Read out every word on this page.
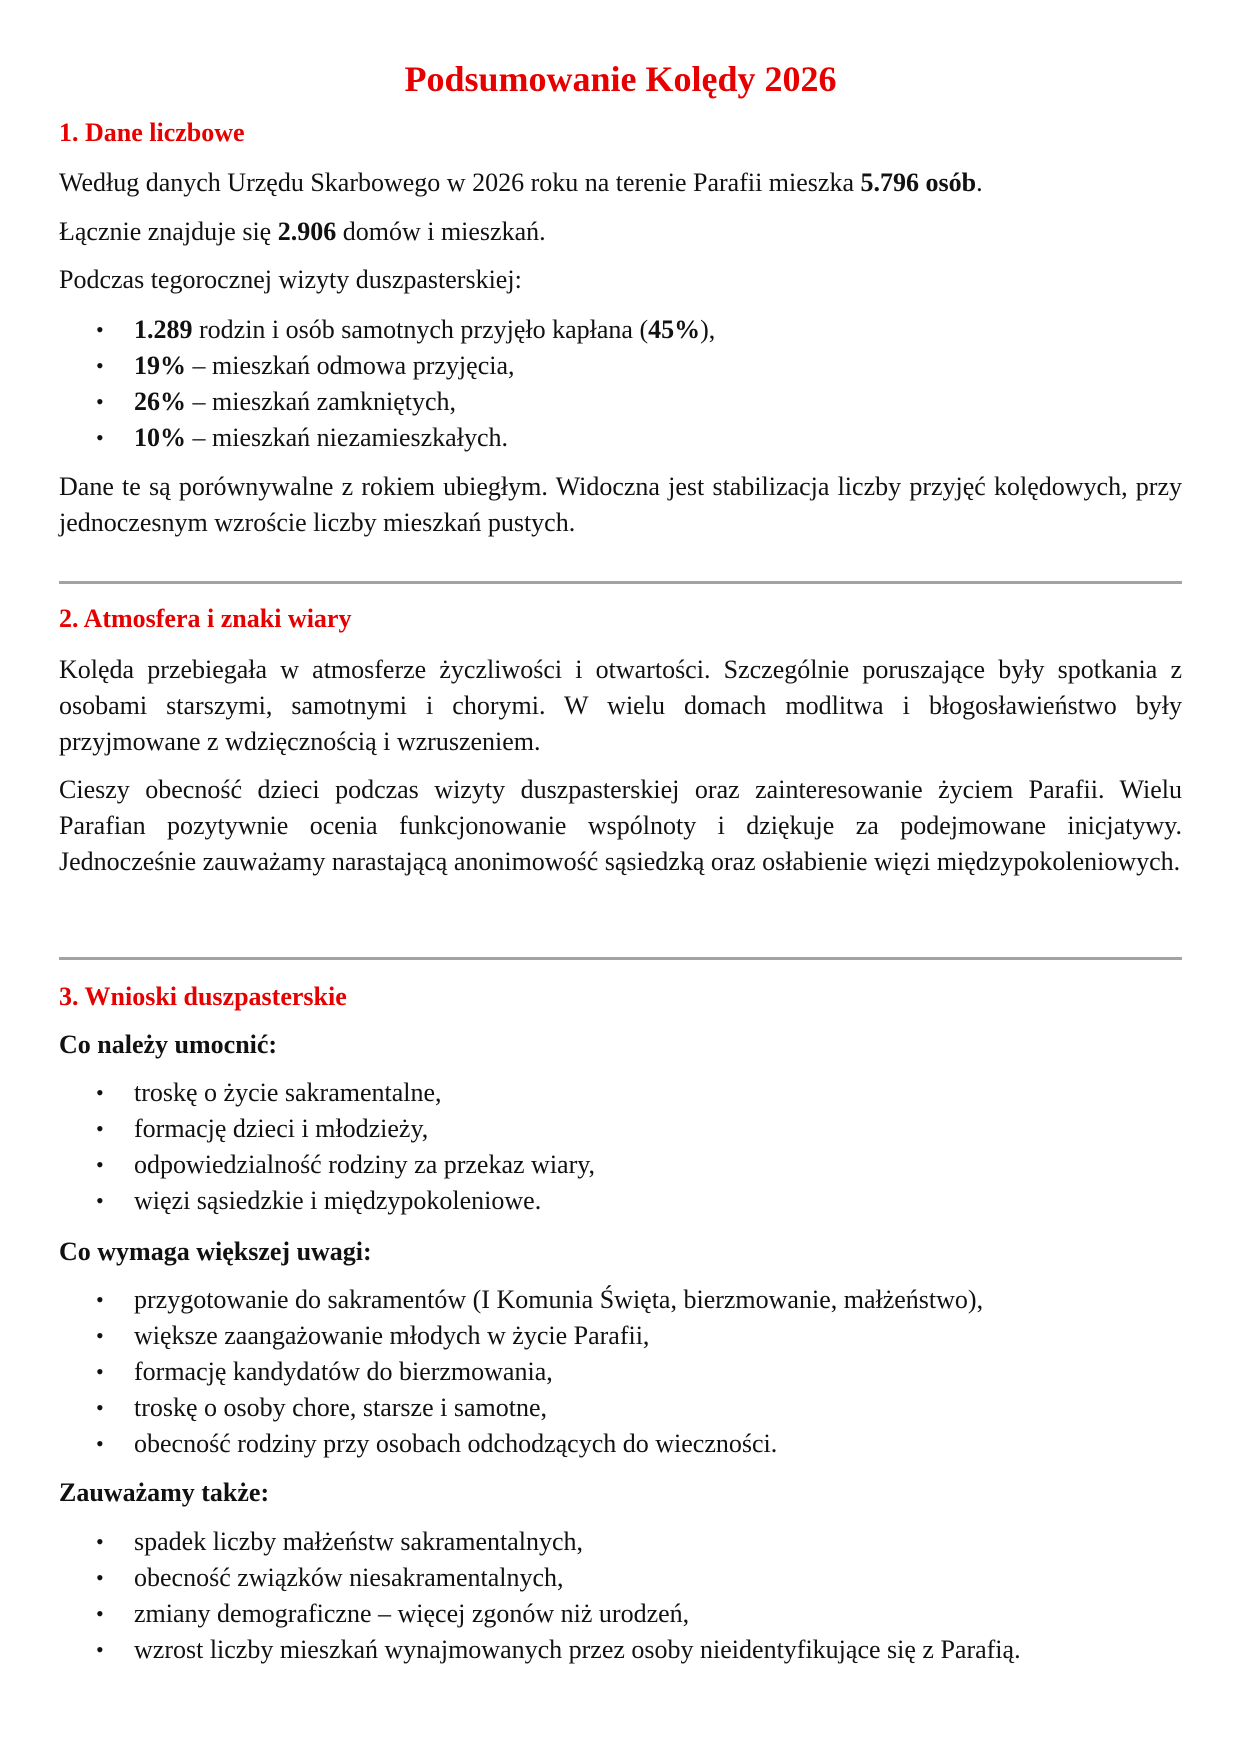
Podsumowanie Kolędy 2026
1. Dane liczbowe

Według danych Urzędu Skarbowego w 2026 roku na terenie Parafii mieszka 5.796 osób.

Łącznie znajduje się 2.906 domów i mieszkań.

Podczas tegorocznej wizyty duszpasterskiej:

• 1.289 rodzin i osób samotnych przyjęło kapłana (45%),
• 19% – mieszkań odmowa przyjęcia,
• 26% – mieszkań zamkniętych,
• 10% – mieszkań niezamieszkałych.

Dane te są porównywalne z rokiem ubiegłym. Widoczna jest stabilizacja liczby przyjęć kolędowych, przy jednoczesnym wzroście liczby mieszkań pustych.

2. Atmosfera i znaki wiary

Kolęda przebiegała w atmosferze życzliwości i otwartości. Szczególnie poruszające były spotkania z osobami starszymi, samotnymi i chorymi. W wielu domach modlitwa i błogosławieństwo były przyjmowane z wdzięcznością i wzruszeniem.

Cieszy obecność dzieci podczas wizyty duszpasterskiej oraz zainteresowanie życiem Parafii. Wielu Parafian pozytywnie ocenia funkcjonowanie wspólnoty i dziękuje za podejmowane inicjatywy. Jednocześnie zauważamy narastającą anonimowość sąsiedzką oraz osłabienie więzi międzypokoleniowych.

3. Wnioski duszpasterskie

Co należy umocnić:

• troskę o życie sakramentalne,
• formację dzieci i młodzieży,
• odpowiedzialność rodziny za przekaz wiary,
• więzi sąsiedzkie i międzypokoleniowe.

Co wymaga większej uwagi:

• przygotowanie do sakramentów (I Komunia Święta, bierzmowanie, małżeństwo),
• większe zaangażowanie młodych w życie Parafii,
• formację kandydatów do bierzmowania,
• troskę o osoby chore, starsze i samotne,
• obecność rodziny przy osobach odchodzących do wieczności.

Zauważamy także:

• spadek liczby małżeństw sakramentalnych,
• obecność związków niesakramentalnych,
• zmiany demograficzne – więcej zgonów niż urodzeń,
• wzrost liczby mieszkań wynajmowanych przez osoby nieidentyfikujące się z Parafią.
